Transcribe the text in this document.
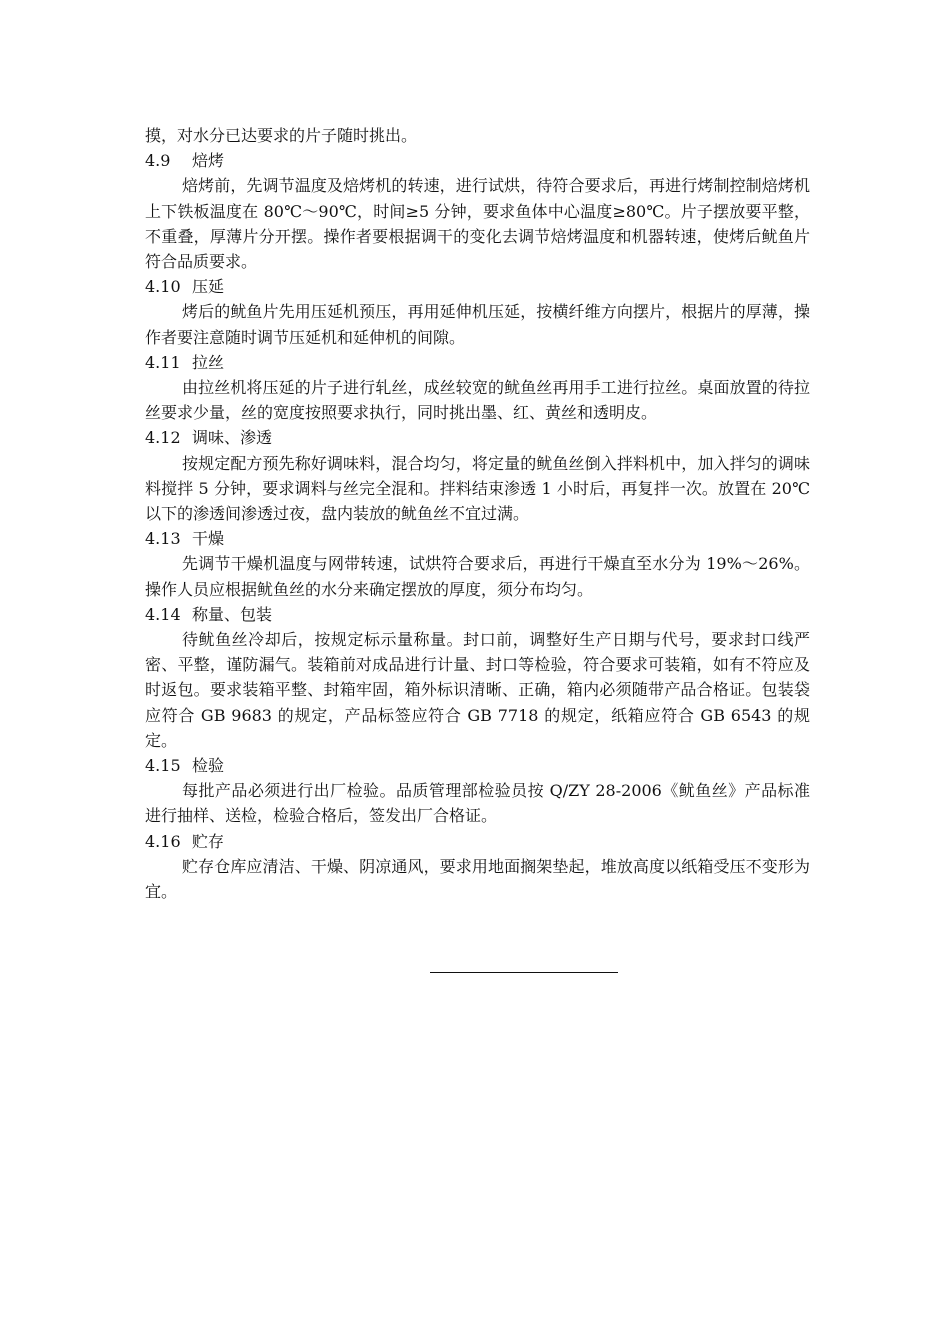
摸，对水分已达要求的片子随时挑出。

4.9 焙烤

焙烤前，先调节温度及焙烤机的转速，进行试烘，待符合要求后，再进行烤制控制焙烤机上下铁板温度在 80℃～90℃，时间≥5 分钟，要求鱼体中心温度≥80℃。片子摆放要平整，不重叠，厚薄片分开摆。操作者要根据调干的变化去调节焙烤温度和机器转速，使烤后鱿鱼片符合品质要求。

4.10 压延

烤后的鱿鱼片先用压延机预压，再用延伸机压延，按横纤维方向摆片，根据片的厚薄，操作者要注意随时调节压延机和延伸机的间隙。

4.11 拉丝

由拉丝机将压延的片子进行轧丝，成丝较宽的鱿鱼丝再用手工进行拉丝。桌面放置的待拉丝要求少量，丝的宽度按照要求执行，同时挑出墨、红、黄丝和透明皮。

4.12 调味、渗透

按规定配方预先称好调味料，混合均匀，将定量的鱿鱼丝倒入拌料机中，加入拌匀的调味料搅拌 5 分钟，要求调料与丝完全混和。拌料结束渗透 1 小时后，再复拌一次。放置在 20℃以下的渗透间渗透过夜，盘内装放的鱿鱼丝不宜过满。

4.13 干燥

先调节干燥机温度与网带转速，试烘符合要求后，再进行干燥直至水分为 19%～26%。操作人员应根据鱿鱼丝的水分来确定摆放的厚度，须分布均匀。

4.14 称量、包装

待鱿鱼丝冷却后，按规定标示量称量。封口前，调整好生产日期与代号，要求封口线严密、平整，谨防漏气。装箱前对成品进行计量、封口等检验，符合要求可装箱，如有不符应及时返包。要求装箱平整、封箱牢固，箱外标识清晰、正确，箱内必须随带产品合格证。包装袋应符合 GB 9683 的规定，产品标签应符合 GB 7718 的规定，纸箱应符合 GB 6543 的规定。

4.15 检验

每批产品必须进行出厂检验。品质管理部检验员按 Q/ZY 28-2006《鱿鱼丝》产品标准进行抽样、送检，检验合格后，签发出厂合格证。

4.16 贮存

贮存仓库应清洁、干燥、阴凉通风，要求用地面搁架垫起，堆放高度以纸箱受压不变形为宜。
